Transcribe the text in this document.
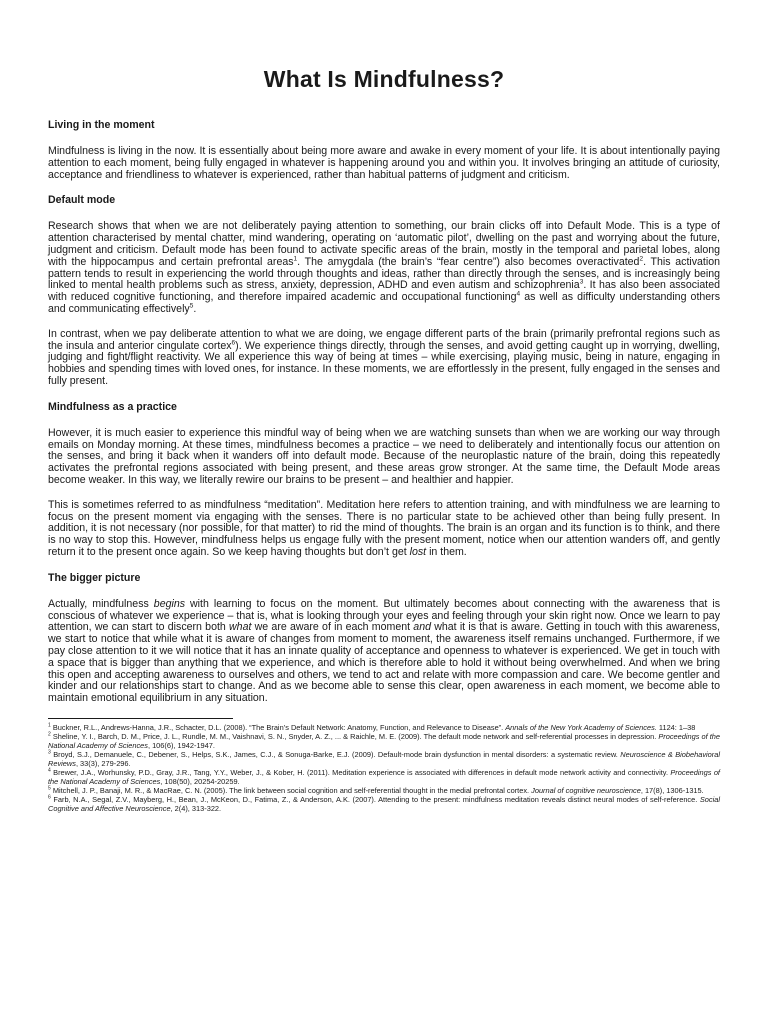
What Is Mindfulness?
Living in the moment

Mindfulness is living in the now. It is essentially about being more aware and awake in every moment of your life. It is about intentionally paying attention to each moment, being fully engaged in whatever is happening around you and within you. It involves bringing an attitude of curiosity, acceptance and friendliness to whatever is experienced, rather than habitual patterns of judgment and criticism.

Default mode

Research shows that when we are not deliberately paying attention to something, our brain clicks off into Default Mode. This is a type of attention characterised by mental chatter, mind wandering, operating on ‘automatic pilot’, dwelling on the past and worrying about the future, judgment and criticism. Default mode has been found to activate specific areas of the brain, mostly in the temporal and parietal lobes, along with the hippocampus and certain prefrontal areas$^1$. The amygdala (the brain’s “fear centre”) also becomes overactivated$^2$. This activation pattern tends to result in experiencing the world through thoughts and ideas, rather than directly through the senses, and is increasingly being linked to mental health problems such as stress, anxiety, depression, ADHD and even autism and schizophrenia$^3$. It has also been associated with reduced cognitive functioning, and therefore impaired academic and occupational functioning$^4$ as well as difficulty understanding others and communicating effectively$^5$.

In contrast, when we pay deliberate attention to what we are doing, we engage different parts of the brain (primarily prefrontal regions such as the insula and anterior cingulate cortex$^6$). We experience things directly, through the senses, and avoid getting caught up in worrying, dwelling, judging and fight/flight reactivity. We all experience this way of being at times – while exercising, playing music, being in nature, engaging in hobbies and spending times with loved ones, for instance. In these moments, we are effortlessly in the present, fully engaged in the senses and fully present.

Mindfulness as a practice

However, it is much easier to experience this mindful way of being when we are watching sunsets than when we are working our way through emails on Monday morning. At these times, mindfulness becomes a practice – we need to deliberately and intentionally focus our attention on the senses, and bring it back when it wanders off into default mode. Because of the neuroplastic nature of the brain, doing this repeatedly activates the prefrontal regions associated with being present, and these areas grow stronger. At the same time, the Default Mode areas become weaker. In this way, we literally rewire our brains to be present – and healthier and happier.

This is sometimes referred to as mindfulness “meditation”. Meditation here refers to attention training, and with mindfulness we are learning to focus on the present moment via engaging with the senses. There is no particular state to be achieved other than being fully present. In addition, it is not necessary (nor possible, for that matter) to rid the mind of thoughts. The brain is an organ and its function is to think, and there is no way to stop this. However, mindfulness helps us engage fully with the present moment, notice when our attention wanders off, and gently return it to the present once again. So we keep having thoughts but don’t get lost in them.

The bigger picture

Actually, mindfulness begins with learning to focus on the moment. But ultimately becomes about connecting with the awareness that is conscious of whatever we experience – that is, what is looking through your eyes and feeling through your skin right now. Once we learn to pay attention, we can start to discern both what we are aware of in each moment and what it is that is aware. Getting in touch with this awareness, we start to notice that while what it is aware of changes from moment to moment, the awareness itself remains unchanged. Furthermore, if we pay close attention to it we will notice that it has an innate quality of acceptance and openness to whatever is experienced. We get in touch with a space that is bigger than anything that we experience, and which is therefore able to hold it without being overwhelmed. And when we bring this open and accepting awareness to ourselves and others, we tend to act and relate with more compassion and care. We become gentler and kinder and our relationships start to change. And as we become able to sense this clear, open awareness in each moment, we become able to maintain emotional equilibrium in any situation.

$^1$ Buckner, R.L., Andrews-Hanna, J.R., Schacter, D.L. (2008). “The Brain’s Default Network: Anatomy, Function, and Relevance to Disease”. Annals of the New York Academy of Sciences. 1124: 1–38

$^2$ Sheline, Y. I., Barch, D. M., Price, J. L., Rundle, M. M., Vaishnavi, S. N., Snyder, A. Z., ... & Raichle, M. E. (2009). The default mode network and self-referential processes in depression. Proceedings of the National Academy of Sciences, 106(6), 1942-1947.

$^3$ Broyd, S.J., Demanuele, C., Debener, S., Helps, S.K., James, C.J., & Sonuga-Barke, E.J. (2009). Default-mode brain dysfunction in mental disorders: a systematic review. Neuroscience & Biobehavioral Reviews, 33(3), 279-296.

$^4$ Brewer, J.A., Worhunsky, P.D., Gray, J.R., Tang, Y.Y., Weber, J., & Kober, H. (2011). Meditation experience is associated with differences in default mode network activity and connectivity. Proceedings of the National Academy of Sciences, 108(50), 20254-20259.

$^5$ Mitchell, J. P., Banaji, M. R., & MacRae, C. N. (2005). The link between social cognition and self-referential thought in the medial prefrontal cortex. Journal of cognitive neuroscience, 17(8), 1306-1315.

$^6$ Farb, N.A., Segal, Z.V., Mayberg, H., Bean, J., McKeon, D., Fatima, Z., & Anderson, A.K. (2007). Attending to the present: mindfulness meditation reveals distinct neural modes of self-reference. Social Cognitive and Affective Neuroscience, 2(4), 313-322.
